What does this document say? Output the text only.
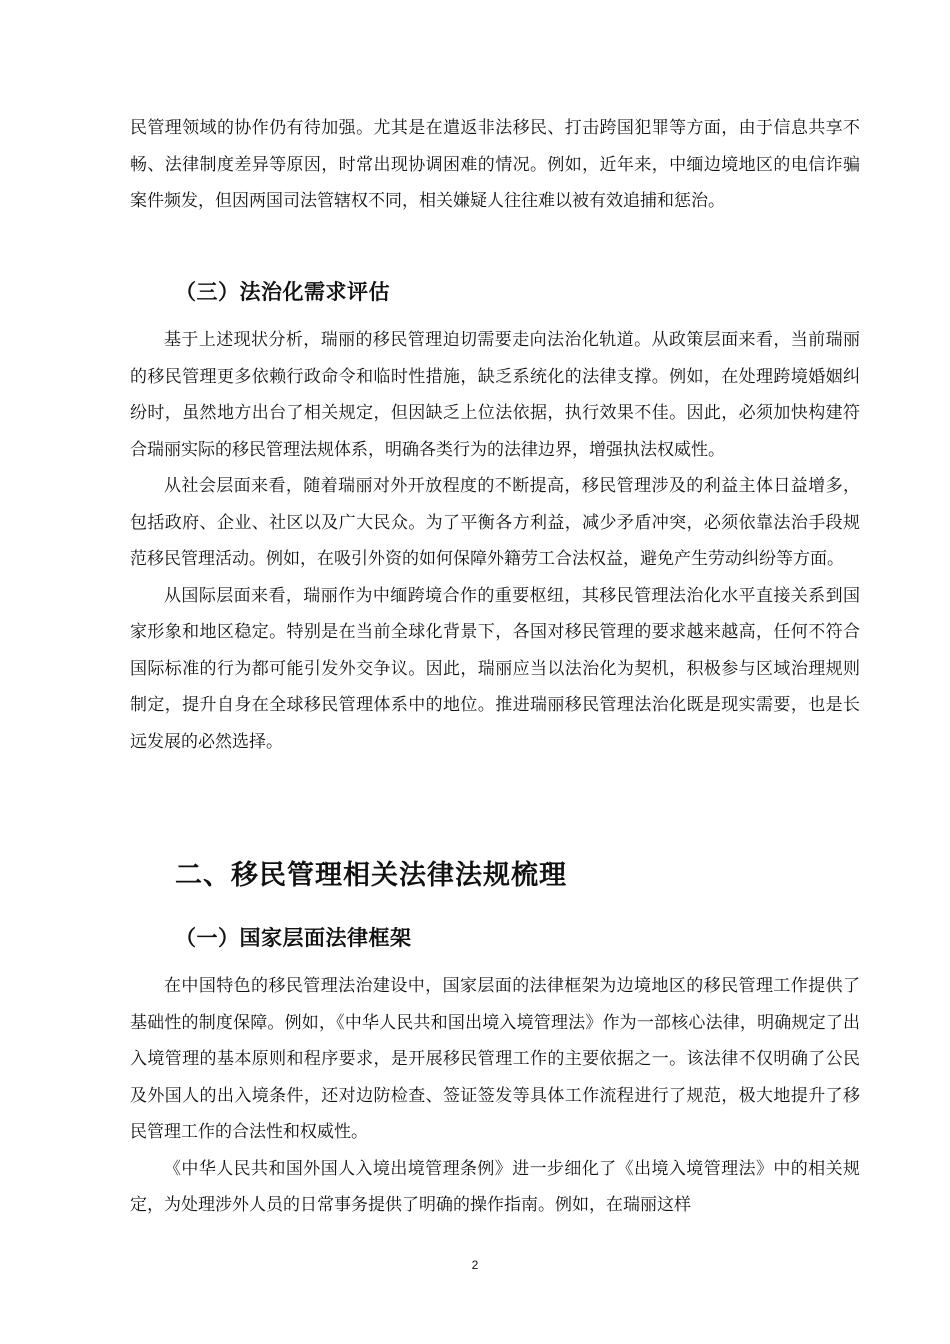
民管理领域的协作仍有待加强。尤其是在遣返非法移民、打击跨国犯罪等方面，由于信息共享不畅、法律制度差异等原因，时常出现协调困难的情况。例如，近年来，中缅边境地区的电信诈骗案件频发，但因两国司法管辖权不同，相关嫌疑人往往难以被有效追捕和惩治。

（三）法治化需求评估

基于上述现状分析，瑞丽的移民管理迫切需要走向法治化轨道。从政策层面来看，当前瑞丽的移民管理更多依赖行政命令和临时性措施，缺乏系统化的法律支撑。例如，在处理跨境婚姻纠纷时，虽然地方出台了相关规定，但因缺乏上位法依据，执行效果不佳。因此，必须加快构建符合瑞丽实际的移民管理法规体系，明确各类行为的法律边界，增强执法权威性。

从社会层面来看，随着瑞丽对外开放程度的不断提高，移民管理涉及的利益主体日益增多，包括政府、企业、社区以及广大民众。为了平衡各方利益，减少矛盾冲突，必须依靠法治手段规范移民管理活动。例如，在吸引外资的如何保障外籍劳工合法权益，避免产生劳动纠纷等方面。

从国际层面来看，瑞丽作为中缅跨境合作的重要枢纽，其移民管理法治化水平直接关系到国家形象和地区稳定。特别是在当前全球化背景下，各国对移民管理的要求越来越高，任何不符合国际标准的行为都可能引发外交争议。因此，瑞丽应当以法治化为契机，积极参与区域治理规则制定，提升自身在全球移民管理体系中的地位。推进瑞丽移民管理法治化既是现实需要，也是长远发展的必然选择。

二、移民管理相关法律法规梳理
（一）国家层面法律框架

在中国特色的移民管理法治建设中，国家层面的法律框架为边境地区的移民管理工作提供了基础性的制度保障。例如，《中华人民共和国出境入境管理法》作为一部核心法律，明确规定了出入境管理的基本原则和程序要求，是开展移民管理工作的主要依据之一。该法律不仅明确了公民及外国人的出入境条件，还对边防检查、签证签发等具体工作流程进行了规范，极大地提升了移民管理工作的合法性和权威性。

《中华人民共和国外国人入境出境管理条例》进一步细化了《出境入境管理法》中的相关规定，为处理涉外人员的日常事务提供了明确的操作指南。例如，在瑞丽这样

2
